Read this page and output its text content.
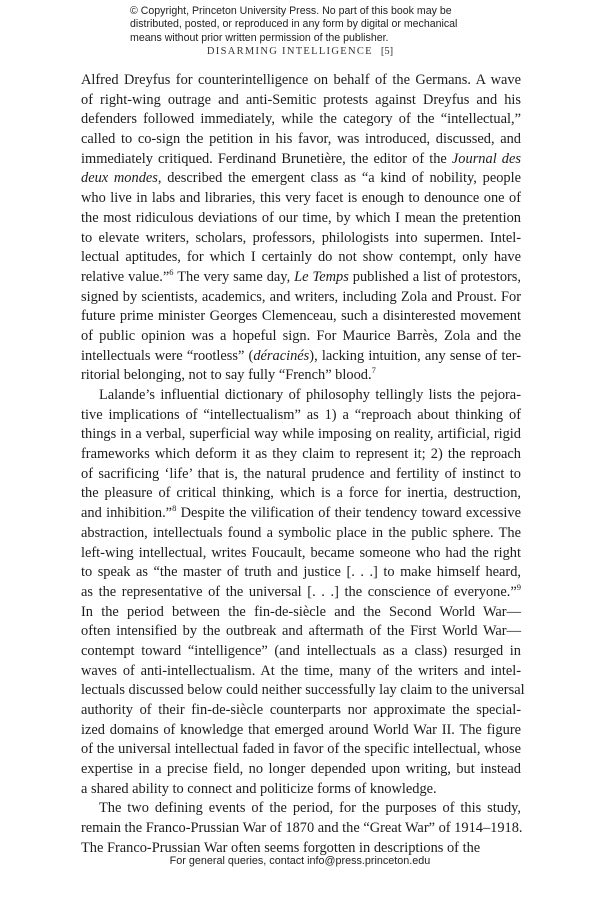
© Copyright, Princeton University Press. No part of this book may be
distributed, posted, or reproduced in any form by digital or mechanical
means without prior written permission of the publisher.
DISARMING INTELLIGENCE [5]
Alfred Dreyfus for counterintelligence on behalf of the Germans. A wave
of right-wing outrage and anti-Semitic protests against Dreyfus and his
defenders followed immediately, while the category of the “intellectual,”
called to co-sign the petition in his favor, was introduced, discussed, and
immediately critiqued. Ferdinand Brunetière, the editor of the Journal des
deux mondes, described the emergent class as “a kind of nobility, people
who live in labs and libraries, this very facet is enough to denounce one of
the most ridiculous deviations of our time, by which I mean the pretention
to elevate writers, scholars, professors, philologists into supermen. Intel-
lectual aptitudes, for which I certainly do not show contempt, only have
relative value.”$^6$ The very same day, Le Temps published a list of protestors,
signed by scientists, academics, and writers, including Zola and Proust. For
future prime minister Georges Clemenceau, such a disinterested movement
of public opinion was a hopeful sign. For Maurice Barrès, Zola and the
intellectuals were “rootless” (déracinés), lacking intuition, any sense of ter-
ritorial belonging, not to say fully “French” blood.$^7$
Lalande’s influential dictionary of philosophy tellingly lists the pejora-
tive implications of “intellectualism” as 1) a “reproach about thinking of
things in a verbal, superficial way while imposing on reality, artificial, rigid
frameworks which deform it as they claim to represent it; 2) the reproach
of sacrificing ‘life’ that is, the natural prudence and fertility of instinct to
the pleasure of critical thinking, which is a force for inertia, destruction,
and inhibition.”$^8$ Despite the vilification of their tendency toward excessive
abstraction, intellectuals found a symbolic place in the public sphere. The
left-wing intellectual, writes Foucault, became someone who had the right
to speak as “the master of truth and justice [. . .] to make himself heard,
as the representative of the universal [. . .] the conscience of everyone.”$^9$
In the period between the fin-de-siècle and the Second World War—
often intensified by the outbreak and aftermath of the First World War—
contempt toward “intelligence” (and intellectuals as a class) resurged in
waves of anti-intellectualism. At the time, many of the writers and intel-
lectuals discussed below could neither successfully lay claim to the universal
authority of their fin-de-siècle counterparts nor approximate the special-
ized domains of knowledge that emerged around World War II. The figure
of the universal intellectual faded in favor of the specific intellectual, whose
expertise in a precise field, no longer depended upon writing, but instead
a shared ability to connect and politicize forms of knowledge.
The two defining events of the period, for the purposes of this study,
remain the Franco-Prussian War of 1870 and the “Great War” of 1914–1918.
The Franco-Prussian War often seems forgotten in descriptions of the
For general queries, contact info@press.princeton.edu
